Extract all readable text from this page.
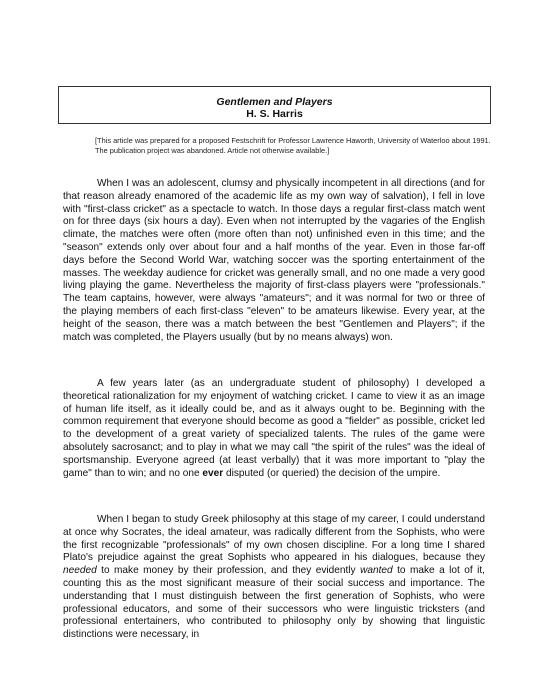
Gentlemen and Players
H. S. Harris
[This article was prepared for a proposed Festschrift for Professor Lawrence Haworth, University of Waterloo about 1991. The publication project was abandoned. Article not otherwise available.]

When I was an adolescent, clumsy and physically incompetent in all directions (and for that reason already enamored of the academic life as my own way of salvation), I fell in love with "first-class cricket" as a spectacle to watch. In those days a regular first-class match went on for three days (six hours a day). Even when not interrupted by the vagaries of the English climate, the matches were often (more often than not) unfinished even in this time; and the "season" extends only over about four and a half months of the year. Even in those far-off days before the Second World War, watching soccer was the sporting entertainment of the masses. The weekday audience for cricket was generally small, and no one made a very good living playing the game. Nevertheless the majority of first-class players were "professionals." The team captains, however, were always "amateurs"; and it was normal for two or three of the playing members of each first-class "eleven" to be amateurs likewise. Every year, at the height of the season, there was a match between the best "Gentlemen and Players"; if the match was completed, the Players usually (but by no means always) won.

A few years later (as an undergraduate student of philosophy) I developed a theoretical rationalization for my enjoyment of watching cricket. I came to view it as an image of human life itself, as it ideally could be, and as it always ought to be. Beginning with the common requirement that everyone should become as good a "fielder" as possible, cricket led to the development of a great variety of specialized talents. The rules of the game were absolutely sacrosanct; and to play in what we may call "the spirit of the rules" was the ideal of sportsmanship. Everyone agreed (at least verbally) that it was more important to "play the game" than to win; and no one ever disputed (or queried) the decision of the umpire.

When I began to study Greek philosophy at this stage of my career, I could understand at once why Socrates, the ideal amateur, was radically different from the Sophists, who were the first recognizable "professionals" of my own chosen discipline. For a long time I shared Plato's prejudice against the great Sophists who appeared in his dialogues, because they needed to make money by their profession, and they evidently wanted to make a lot of it, counting this as the most significant measure of their social success and importance. The understanding that I must distinguish between the first generation of Sophists, who were professional educators, and some of their successors who were linguistic tricksters (and professional entertainers, who contributed to philosophy only by showing that linguistic distinctions were necessary, in
